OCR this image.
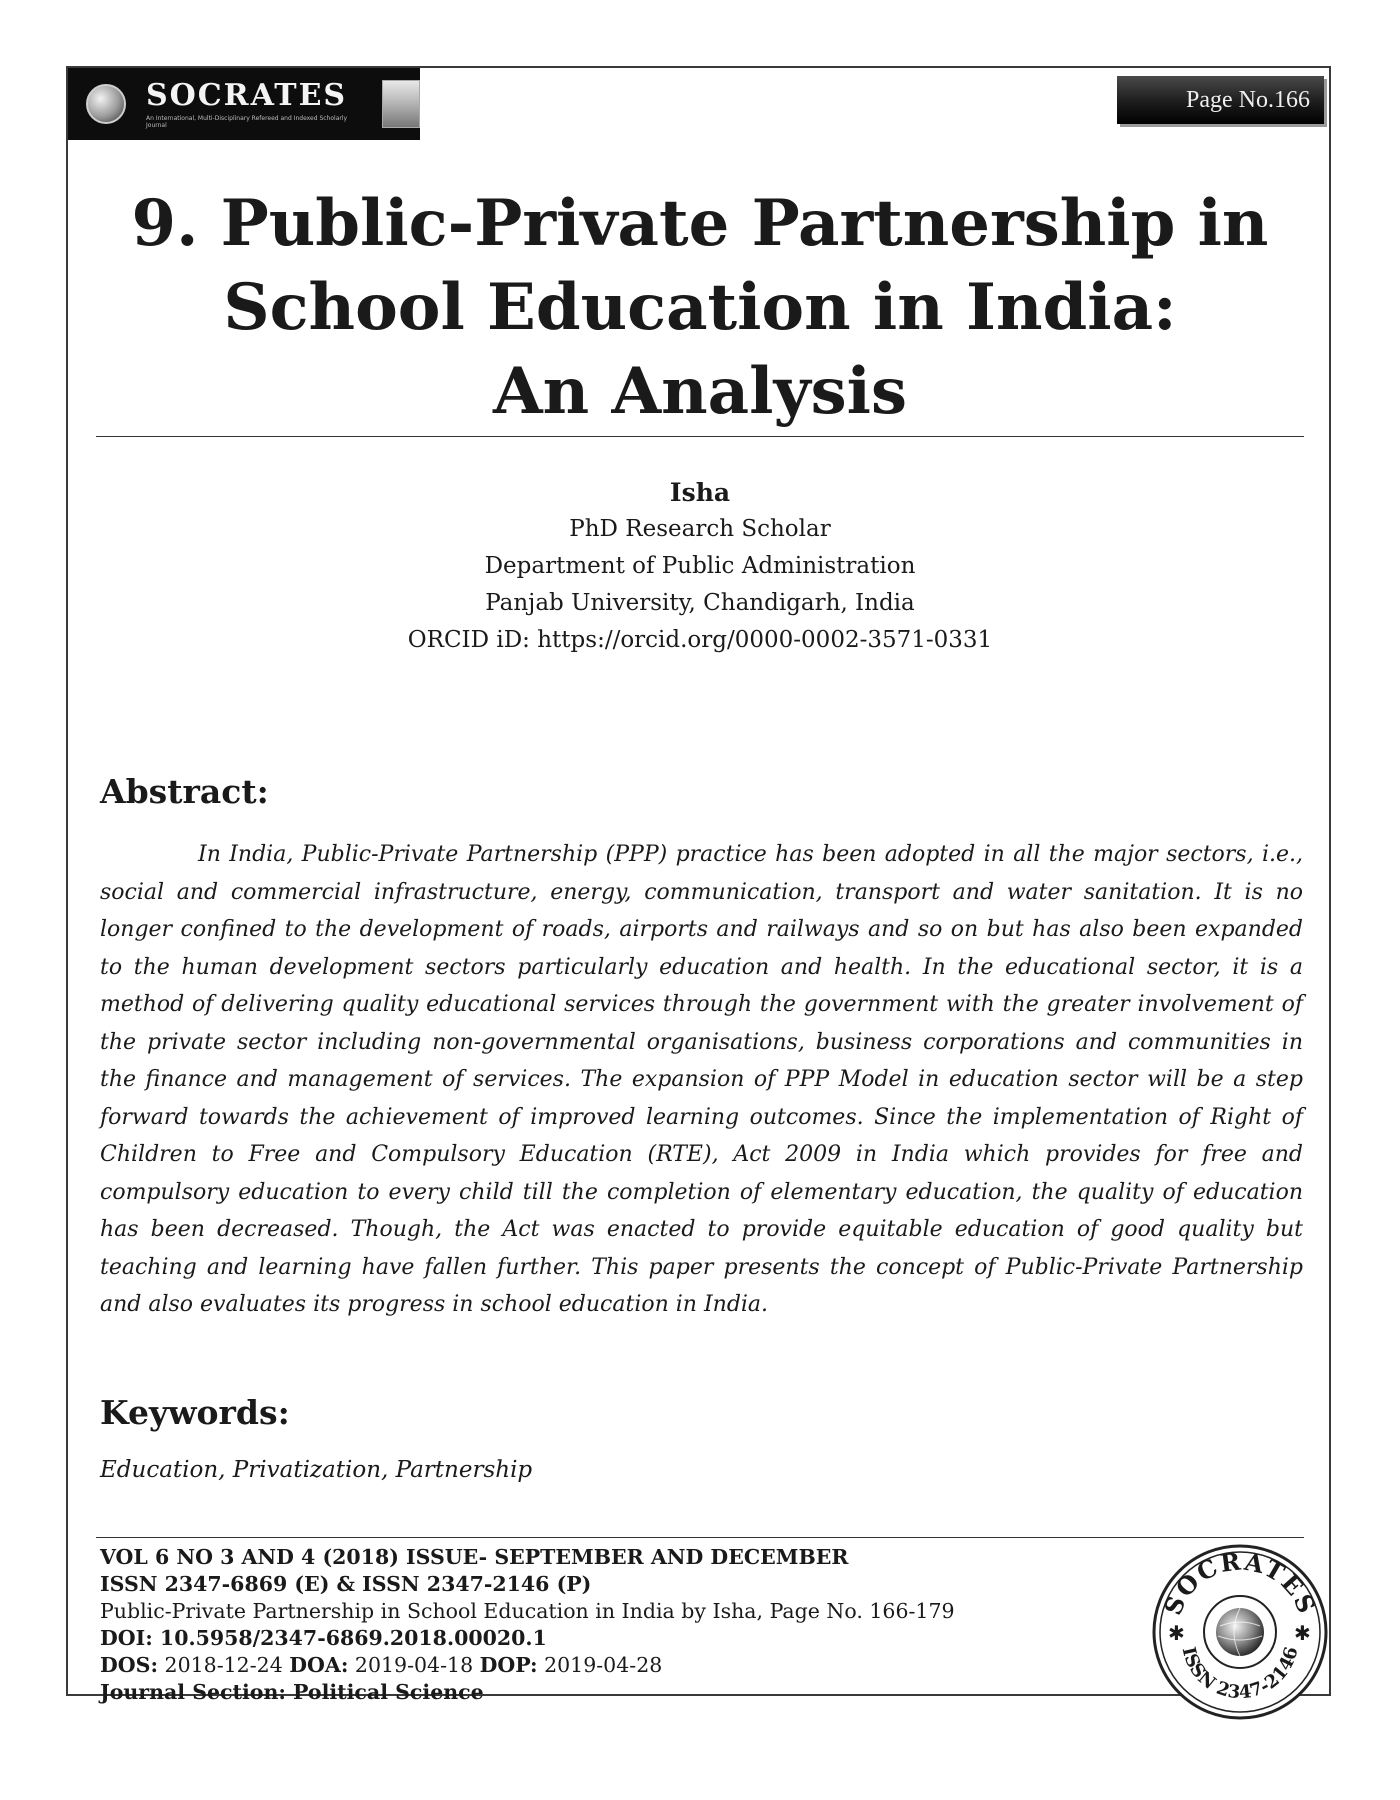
SOCRATES
An International, Multi-Disciplinary Refereed and Indexed Scholarly Journal
Page No.166
9. Public-Private Partnership in
School Education in India:
An Analysis
Isha
PhD Research Scholar
Department of Public Administration
Panjab University, Chandigarh, India
ORCID iD: https://orcid.org/0000-0002-3571-0331
Abstract:

In India, Public-Private Partnership (PPP) practice has been adopted in all the major sectors, i.e., social and commercial infrastructure, energy, communication, transport and water sanitation. It is no longer confined to the development of roads, airports and railways and so on but has also been expanded to the human development sectors particularly education and health. In the educational sector, it is a method of delivering quality educational services through the government with the greater involvement of the private sector including non-governmental organisations, business corporations and communities in the finance and management of services. The expansion of PPP Model in education sector will be a step forward towards the achievement of improved learning outcomes. Since the implementation of Right of Children to Free and Compulsory Education (RTE), Act 2009 in India which provides for free and compulsory education to every child till the completion of elementary education, the quality of education has been decreased. Though, the Act was enacted to provide equitable education of good quality but teaching and learning have fallen further. This paper presents the concept of Public-Private Partnership and also evaluates its progress in school education in India.

Keywords:
Education, Privatization, Partnership
VOL 6 NO 3 AND 4 (2018) ISSUE- SEPTEMBER AND DECEMBER
ISSN 2347-6869 (E) & ISSN 2347-2146 (P)
Public-Private Partnership in School Education in India by Isha, Page No. 166-179
DOI: 10.5958/2347-6869.2018.00020.1
DOS: 2018-12-24 DOA: 2019-04-18 DOP: 2019-04-28
Journal Section: Political Science
SOCRATES
ISSN 2347-2146
✱	✱
